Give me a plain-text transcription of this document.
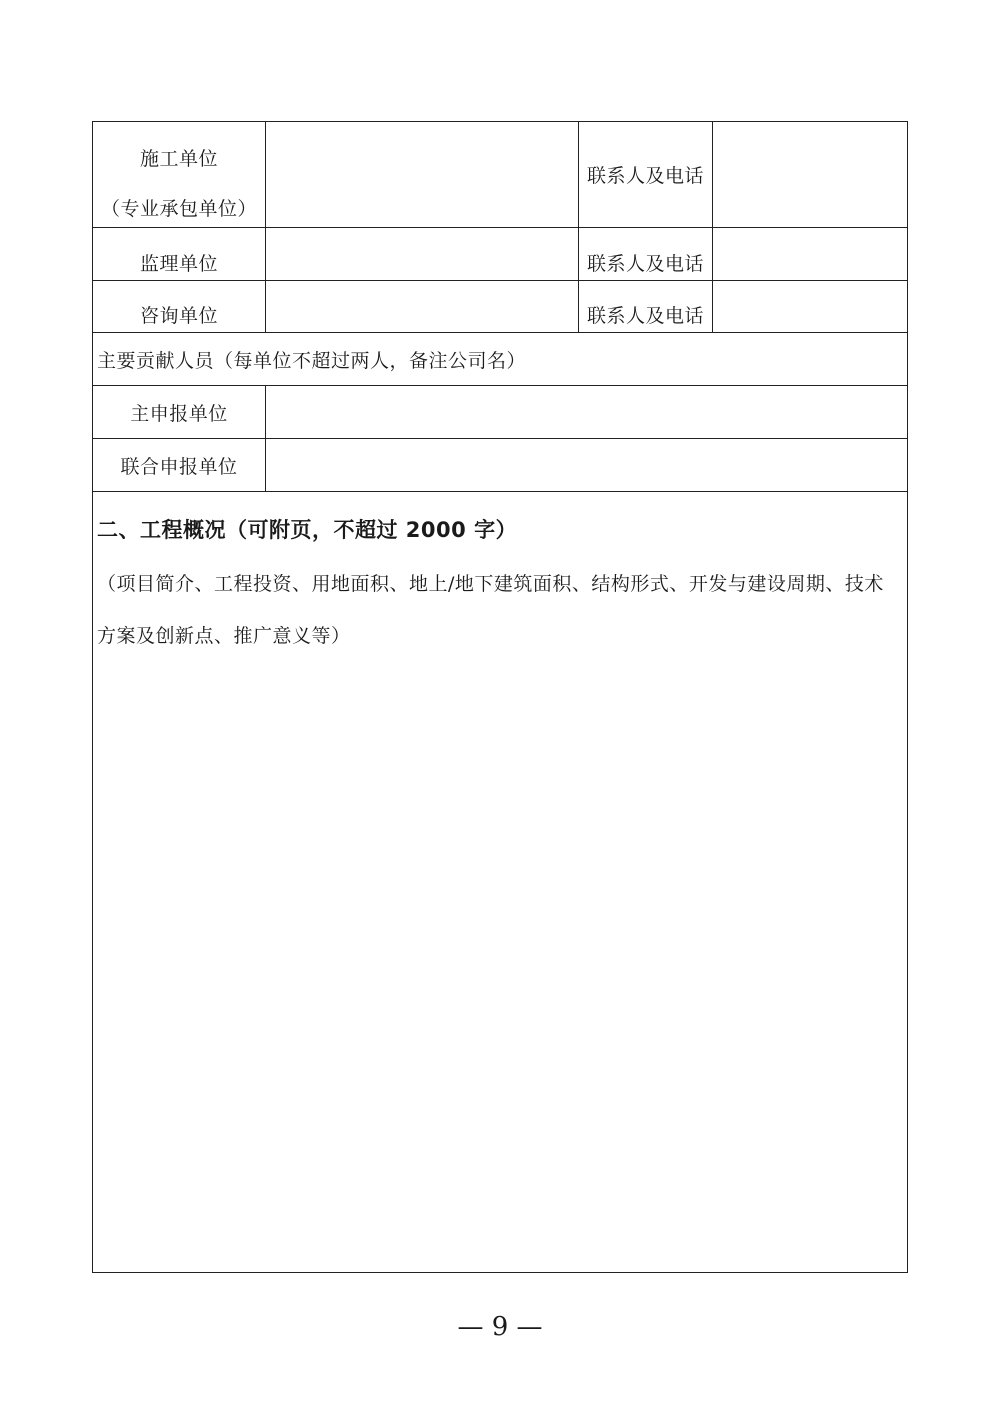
施工单位
（专业承包单位）
联系人及电话
监理单位	联系人及电话
咨询单位	联系人及电话
主要贡献人员（每单位不超过两人，备注公司名）
主申报单位
联合申报单位
二、工程概况（可附页，不超过 2000 字）
（项目简介、工程投资、用地面积、地上/地下建筑面积、结构形式、开发与建设周期、技术方案及创新点、推广意义等）
— 9 —
